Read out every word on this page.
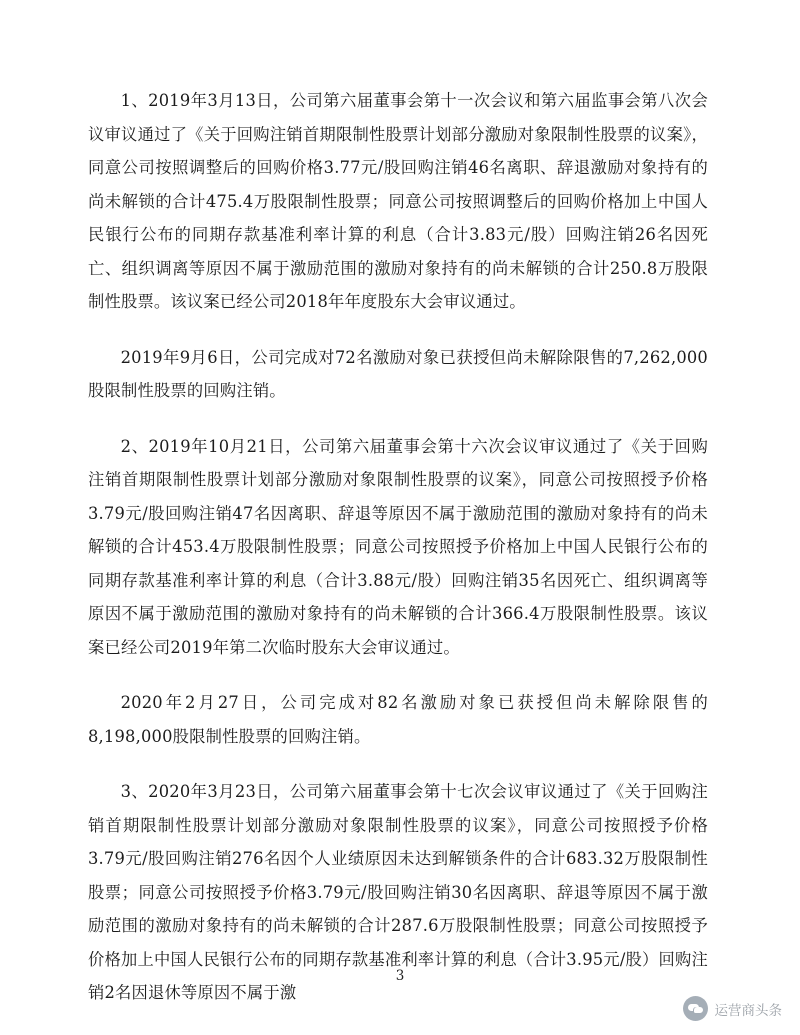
1、2019年3月13日，公司第六届董事会第十一次会议和第六届监事会第八次会议审议通过了《关于回购注销首期限制性股票计划部分激励对象限制性股票的议案》，同意公司按照调整后的回购价格3.77元/股回购注销46名离职、辞退激励对象持有的尚未解锁的合计475.4万股限制性股票；同意公司按照调整后的回购价格加上中国人民银行公布的同期存款基准利率计算的利息（合计3.83元/股）回购注销26名因死亡、组织调离等原因不属于激励范围的激励对象持有的尚未解锁的合计250.8万股限制性股票。该议案已经公司2018年年度股东大会审议通过。

2019年9月6日，公司完成对72名激励对象已获授但尚未解除限售的7,262,000股限制性股票的回购注销。

2、2019年10月21日，公司第六届董事会第十六次会议审议通过了《关于回购注销首期限制性股票计划部分激励对象限制性股票的议案》，同意公司按照授予价格3.79元/股回购注销47名因离职、辞退等原因不属于激励范围的激励对象持有的尚未解锁的合计453.4万股限制性股票；同意公司按照授予价格加上中国人民银行公布的同期存款基准利率计算的利息（合计3.88元/股）回购注销35名因死亡、组织调离等原因不属于激励范围的激励对象持有的尚未解锁的合计366.4万股限制性股票。该议案已经公司2019年第二次临时股东大会审议通过。

2020年2月27日，公司完成对82名激励对象已获授但尚未解除限售的8,198,000股限制性股票的回购注销。

3、2020年3月23日，公司第六届董事会第十七次会议审议通过了《关于回购注销首期限制性股票计划部分激励对象限制性股票的议案》，同意公司按照授予价格3.79元/股回购注销276名因个人业绩原因未达到解锁条件的合计683.32万股限制性股票；同意公司按照授予价格3.79元/股回购注销30名因离职、辞退等原因不属于激励范围的激励对象持有的尚未解锁的合计287.6万股限制性股票；同意公司按照授予价格加上中国人民银行公布的同期存款基准利率计算的利息（合计3.95元/股）回购注销2名因退休等原因不属于激

3
运营商头条
